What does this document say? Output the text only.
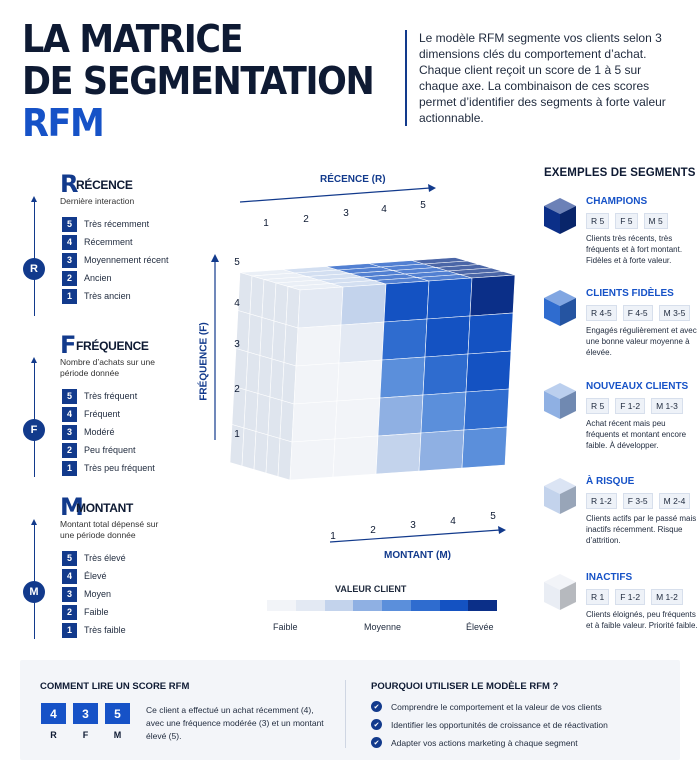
LA MATRICE
DE SEGMENTATION
RFM
Le modèle RFM segmente vos clients selon 3 dimensions clés du comportement d’achat. Chaque client reçoit un score de 1 à 5 sur chaque axe. La combinaison de ces scores permet d’identifier des segments à forte valeur actionnable.
R
RÉCENCE
Dernière interaction
5	Très récemment
4	Récemment
3	Moyennement récent
2	Ancien
1	Très ancien
R
F FRÉQUENCE
Nombre d’achats sur une période donnée
5	Très fréquent
4	Fréquent
3	Modéré
2	Peu fréquent
1	Très peu fréquent
F
M
MONTANT
Montant total dépensé sur une période donnée
5	Très élevé
4	Élevé
3	Moyen
2	Faible
1	Très faible
M
1	2
3	4	5
5
4
3
2
1
1
2	3	4	5
RÉCENCE (R)
MONTANT (M)
FRÉQUENCE (F)
VALEUR CLIENT
Faible	Moyenne	Élevée
EXEMPLES DE SEGMENTS
CHAMPIONS
R 5	F 5	M 5
Clients très récents, très fréquents et à fort montant. Fidèles et à forte valeur.
CLIENTS FIDÈLES
R 4-5	F 4-5	M 3-5
Engagés régulièrement et avec une bonne valeur moyenne à élevée.
NOUVEAUX CLIENTS
R 5	F 1-2	M 1-3
Achat récent mais peu fréquents et montant encore faible. À développer.
À RISQUE
R 1-2	F 3-5	M 2-4
Clients actifs par le passé mais inactifs récemment. Risque d’attrition.
INACTIFS
R 1	F 1-2	M 1-2
Clients éloignés, peu fréquents et à faible valeur. Priorité faible.
COMMENT LIRE UN SCORE RFM
4	3	5
R	F	M
Ce client a effectué un achat récemment (4), avec une fréquence modérée (3) et un montant élevé (5).
POURQUOI UTILISER LE MODÈLE RFM ?
✔	Comprendre le comportement et la valeur de vos clients
✔	Identifier les opportunités de croissance et de réactivation
✔	Adapter vos actions marketing à chaque segment
